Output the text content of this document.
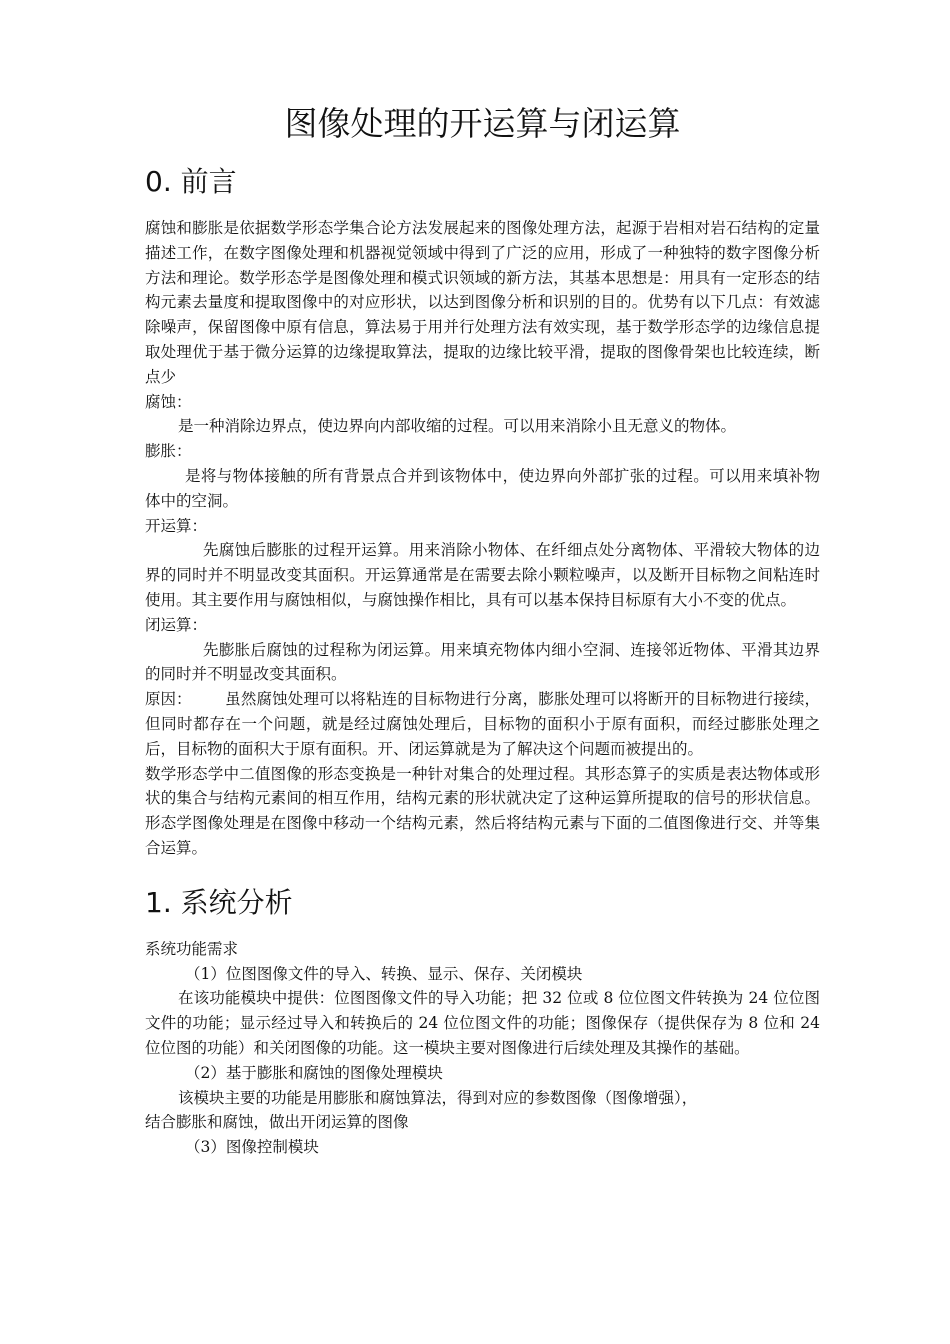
图像处理的开运算与闭运算
0. 前言

腐蚀和膨胀是依据数学形态学集合论方法发展起来的图像处理方法，起源于岩相对岩石结构的定量描述工作，在数字图像处理和机器视觉领域中得到了广泛的应用，形成了一种独特的数字图像分析方法和理论。数学形态学是图像处理和模式识领域的新方法，其基本思想是：用具有一定形态的结构元素去量度和提取图像中的对应形状，以达到图像分析和识别的目的。优势有以下几点：有效滤除噪声，保留图像中原有信息，算法易于用并行处理方法有效实现，基于数学形态学的边缘信息提取处理优于基于微分运算的边缘提取算法，提取的边缘比较平滑，提取的图像骨架也比较连续，断点少

腐蚀：

是一种消除边界点，使边界向内部收缩的过程。可以用来消除小且无意义的物体。

膨胀：

是将与物体接触的所有背景点合并到该物体中，使边界向外部扩张的过程。可以用来填补物体中的空洞。

开运算：

先腐蚀后膨胀的过程开运算。用来消除小物体、在纤细点处分离物体、平滑较大物体的边界的同时并不明显改变其面积。开运算通常是在需要去除小颗粒噪声，以及断开目标物之间粘连时使用。其主要作用与腐蚀相似，与腐蚀操作相比，具有可以基本保持目标原有大小不变的优点。

闭运算：

先膨胀后腐蚀的过程称为闭运算。用来填充物体内细小空洞、连接邻近物体、平滑其边界的同时并不明显改变其面积。

原因： 虽然腐蚀处理可以将粘连的目标物进行分离，膨胀处理可以将断开的目标物进行接续，但同时都存在一个问题，就是经过腐蚀处理后，目标物的面积小于原有面积，而经过膨胀处理之后，目标物的面积大于原有面积。开、闭运算就是为了解决这个问题而被提出的。

数学形态学中二值图像的形态变换是一种针对集合的处理过程。其形态算子的实质是表达物体或形状的集合与结构元素间的相互作用，结构元素的形状就决定了这种运算所提取的信号的形状信息。形态学图像处理是在图像中移动一个结构元素，然后将结构元素与下面的二值图像进行交、并等集合运算。

1. 系统分析

系统功能需求

（1）位图图像文件的导入、转换、显示、保存、关闭模块

在该功能模块中提供：位图图像文件的导入功能；把 32 位或 8 位位图文件转换为 24 位位图文件的功能；显示经过导入和转换后的 24 位位图文件的功能；图像保存（提供保存为 8 位和 24 位位图的功能）和关闭图像的功能。这一模块主要对图像进行后续处理及其操作的基础。

（2）基于膨胀和腐蚀的图像处理模块

该模块主要的功能是用膨胀和腐蚀算法，得到对应的参数图像（图像增强），

结合膨胀和腐蚀，做出开闭运算的图像

（3）图像控制模块
